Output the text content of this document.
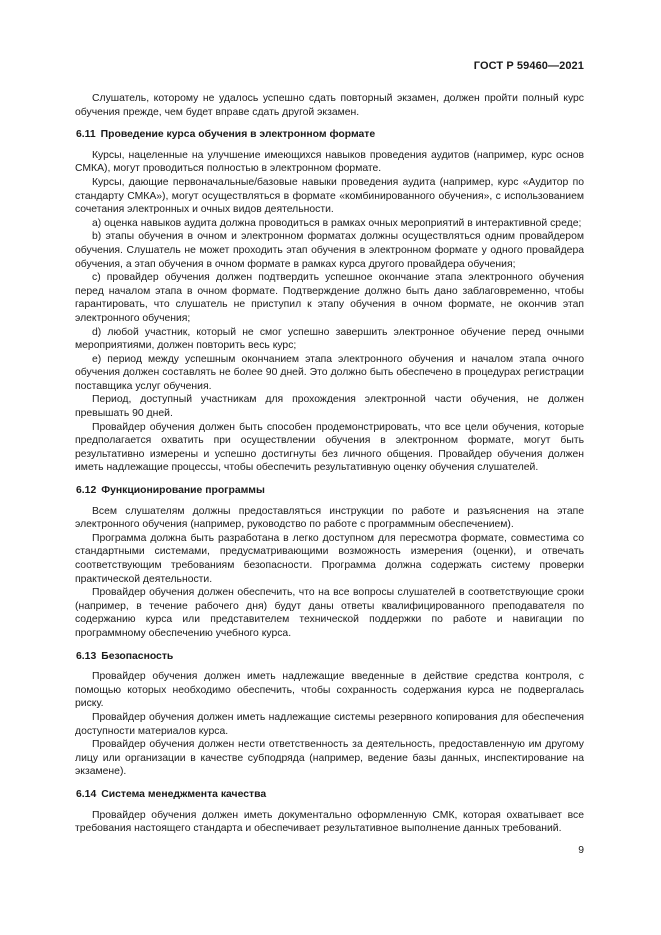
ГОСТ Р 59460—2021

Слушатель, которому не удалось успешно сдать повторный экзамен, должен пройти полный курс обучения прежде, чем будет вправе сдать другой экзамен.

6.11 Проведение курса обучения в электронном формате

Курсы, нацеленные на улучшение имеющихся навыков проведения аудитов (например, курс основ СМКА), могут проводиться полностью в электронном формате.

Курсы, дающие первоначальные/базовые навыки проведения аудита (например, курс «Аудитор по стандарту СМКА»), могут осуществляться в формате «комбинированного обучения», с использованием сочетания электронных и очных видов деятельности.

а) оценка навыков аудита должна проводиться в рамках очных мероприятий в интерактивной среде;

b) этапы обучения в очном и электронном форматах должны осуществляться одним провайдером обучения. Слушатель не может проходить этап обучения в электронном формате у одного провайдера обучения, а этап обучения в очном формате в рамках курса другого провайдера обучения;

с) провайдер обучения должен подтвердить успешное окончание этапа электронного обучения перед началом этапа в очном формате. Подтверждение должно быть дано заблаговременно, чтобы гарантировать, что слушатель не приступил к этапу обучения в очном формате, не окончив этап электронного обучения;

d) любой участник, который не смог успешно завершить электронное обучение перед очными мероприятиями, должен повторить весь курс;

е) период между успешным окончанием этапа электронного обучения и началом этапа очного обучения должен составлять не более 90 дней. Это должно быть обеспечено в процедурах регистрации поставщика услуг обучения.

Период, доступный участникам для прохождения электронной части обучения, не должен превышать 90 дней.

Провайдер обучения должен быть способен продемонстрировать, что все цели обучения, которые предполагается охватить при осуществлении обучения в электронном формате, могут быть результативно измерены и успешно достигнуты без личного общения. Провайдер обучения должен иметь надлежащие процессы, чтобы обеспечить результативную оценку обучения слушателей.

6.12 Функционирование программы

Всем слушателям должны предоставляться инструкции по работе и разъяснения на этапе электронного обучения (например, руководство по работе с программным обеспечением).

Программа должна быть разработана в легко доступном для пересмотра формате, совместима со стандартными системами, предусматривающими возможность измерения (оценки), и отвечать соответствующим требованиям безопасности. Программа должна содержать систему проверки практической деятельности.

Провайдер обучения должен обеспечить, что на все вопросы слушателей в соответствующие сроки (например, в течение рабочего дня) будут даны ответы квалифицированного преподавателя по содержанию курса или представителем технической поддержки по работе и навигации по программному обеспечению учебного курса.

6.13 Безопасность

Провайдер обучения должен иметь надлежащие введенные в действие средства контроля, с помощью которых необходимо обеспечить, чтобы сохранность содержания курса не подвергалась риску.

Провайдер обучения должен иметь надлежащие системы резервного копирования для обеспечения доступности материалов курса.

Провайдер обучения должен нести ответственность за деятельность, предоставленную им другому лицу или организации в качестве субподряда (например, ведение базы данных, инспектирование на экзамене).

6.14 Система менеджмента качества

Провайдер обучения должен иметь документально оформленную СМК, которая охватывает все требования настоящего стандарта и обеспечивает результативное выполнение данных требований.

9
